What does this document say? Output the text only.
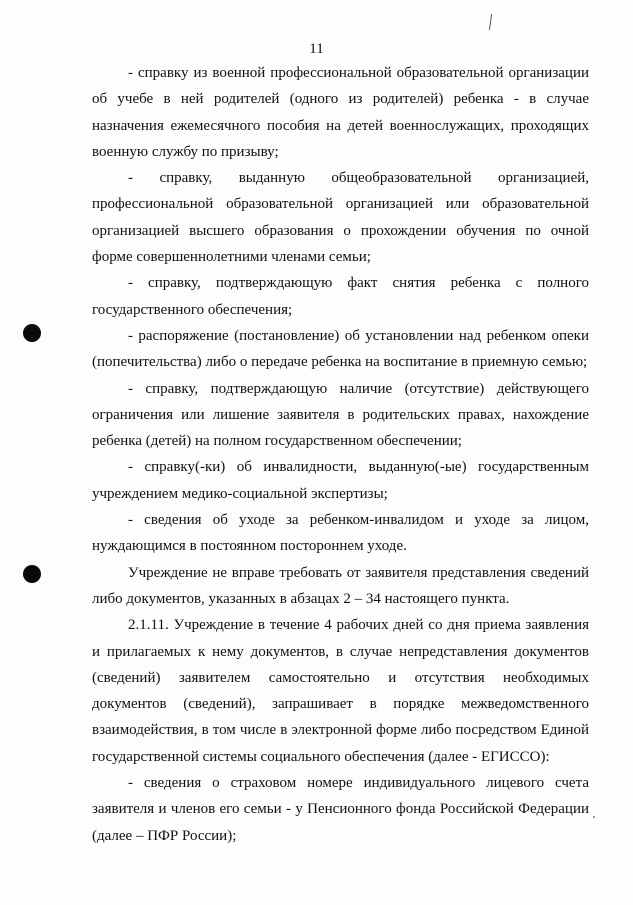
11

- справку из военной профессиональной образовательной организации об учебе в ней родителей (одного из родителей) ребенка - в случае назначения ежемесячного пособия на детей военнослужащих, проходящих военную службу по призыву;

- справку, выданную общеобразовательной организацией, профессиональной образовательной организацией или образовательной организацией высшего образования о прохождении обучения по очной форме совершеннолетними членами семьи;

- справку, подтверждающую факт снятия ребенка с полного государственного обеспечения;

- распоряжение (постановление) об установлении над ребенком опеки (попечительства) либо о передаче ребенка на воспитание в приемную семью;

- справку, подтверждающую наличие (отсутствие) действующего ограничения или лишение заявителя в родительских правах, нахождение ребенка (детей) на полном государственном обеспечении;

- справку(-ки) об инвалидности, выданную(-ые) государственным учреждением медико-социальной экспертизы;

- сведения об уходе за ребенком-инвалидом и уходе за лицом, нуждающимся в постоянном постороннем уходе.

Учреждение не вправе требовать от заявителя представления сведений либо документов, указанных в абзацах 2 – 34 настоящего пункта.

2.1.11. Учреждение в течение 4 рабочих дней со дня приема заявления и прилагаемых к нему документов, в случае непредставления документов (сведений) заявителем самостоятельно и отсутствия необходимых документов (сведений), запрашивает в порядке межведомственного взаимодействия, в том числе в электронной форме либо посредством Единой государственной системы социального обеспечения (далее - ЕГИССО):

- сведения о страховом номере индивидуального лицевого счета заявителя и членов его семьи - у Пенсионного фонда Российской Федерации (далее – ПФР России);
